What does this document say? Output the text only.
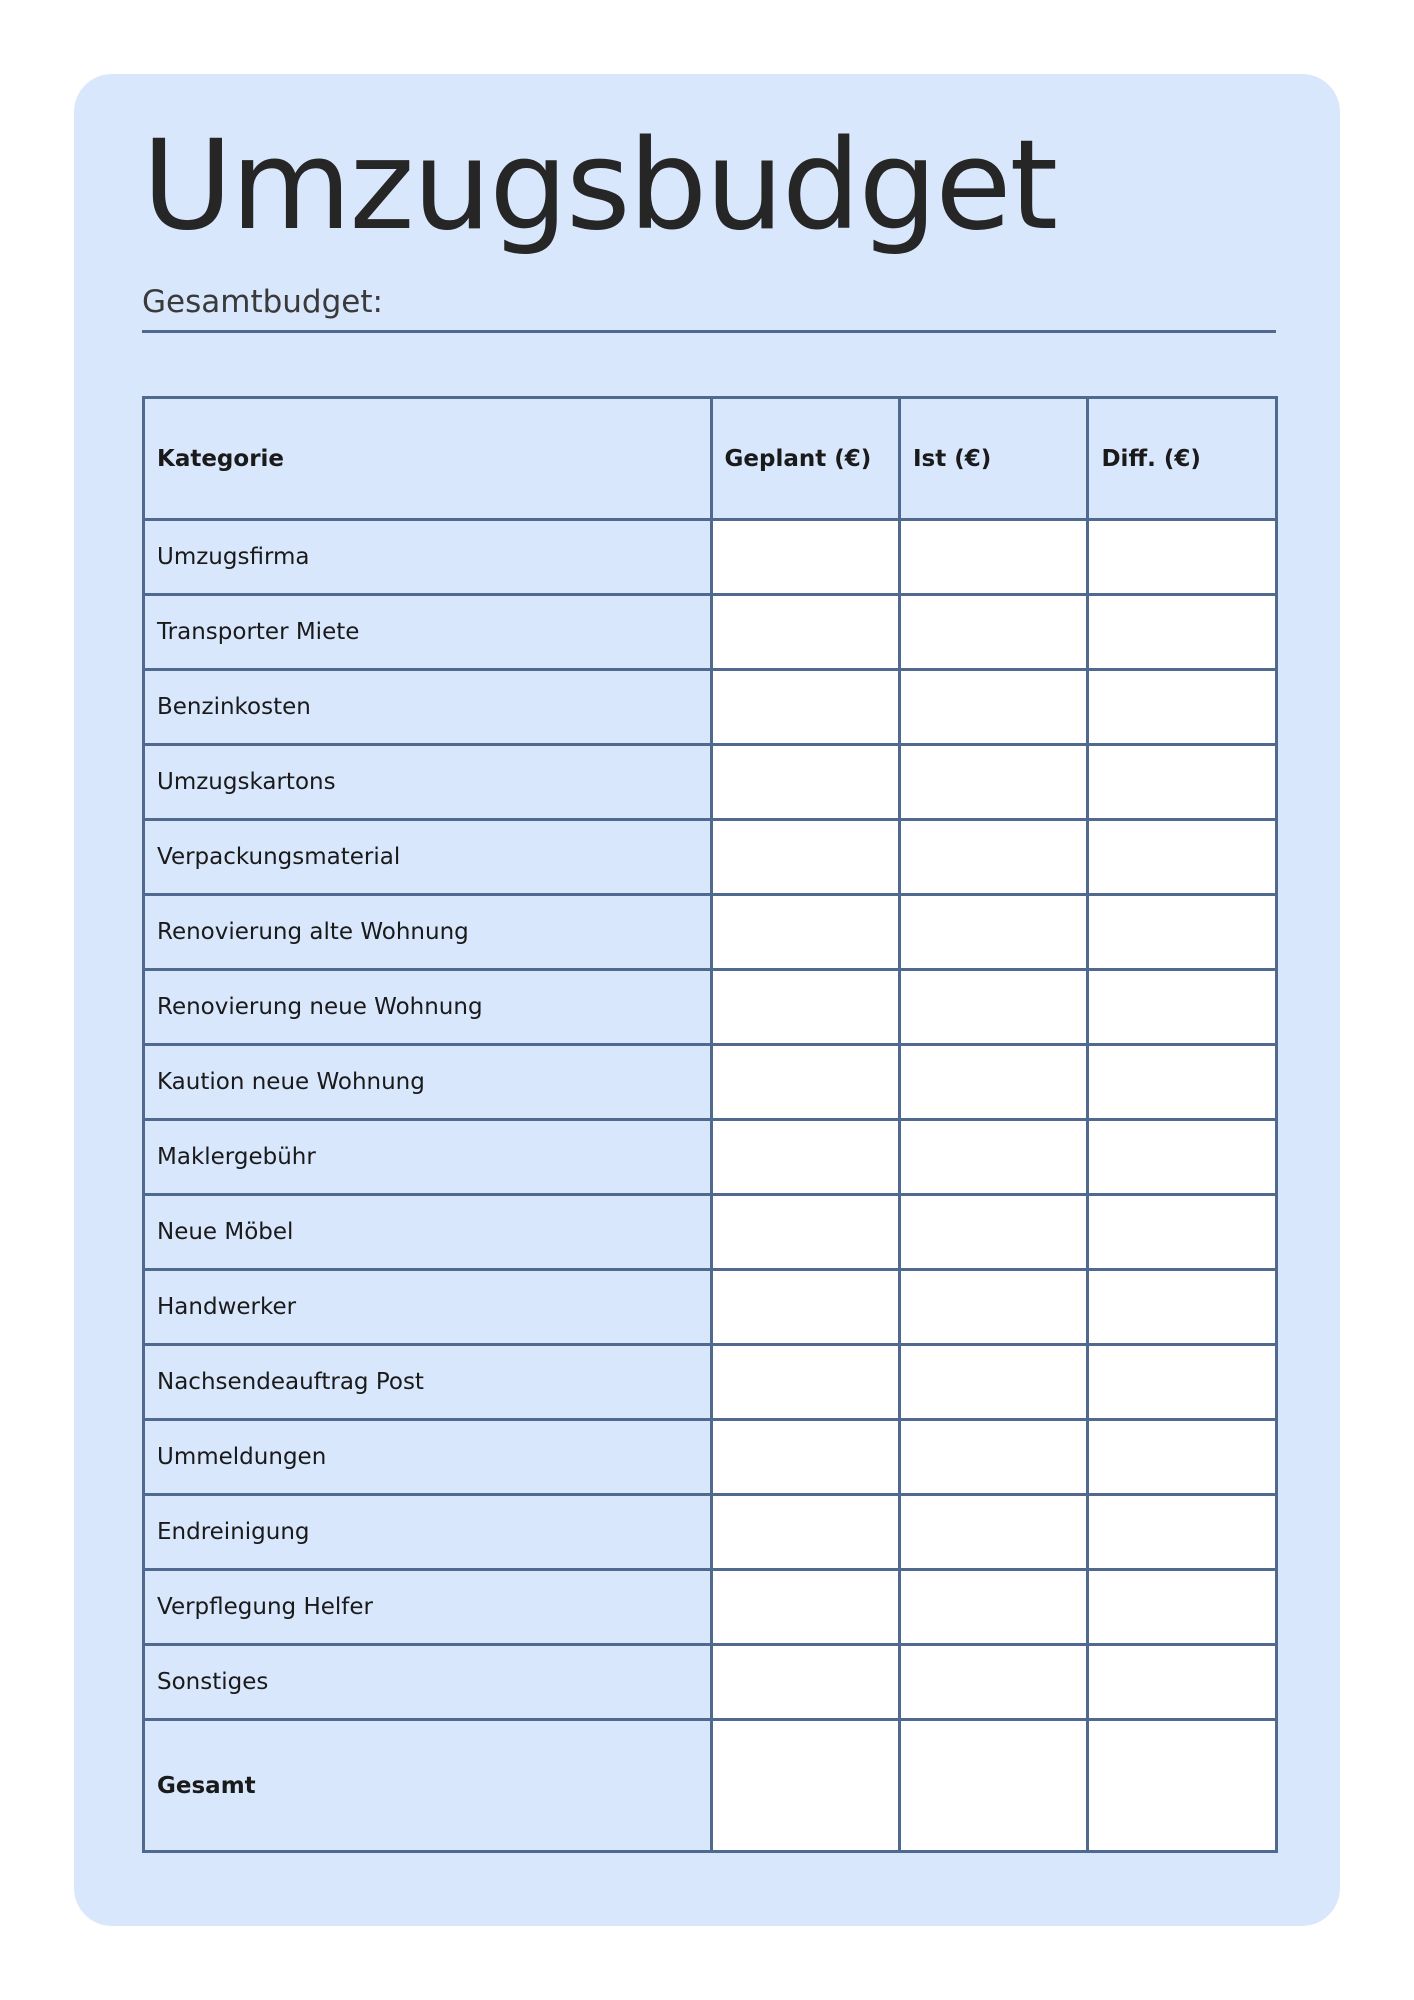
Umzugsbudget
Gesamtbudget:
Kategorie	Geplant (€)	Ist (€)	Diff. (€)
Umzugsfirma			
Transporter Miete			
Benzinkosten			
Umzugskartons			
Verpackungsmaterial			
Renovierung alte Wohnung			
Renovierung neue Wohnung			
Kaution neue Wohnung			
Maklergebühr			
Neue Möbel			
Handwerker			
Nachsendeauftrag Post			
Ummeldungen			
Endreinigung			
Verpflegung Helfer			
Sonstiges			
Gesamt			
